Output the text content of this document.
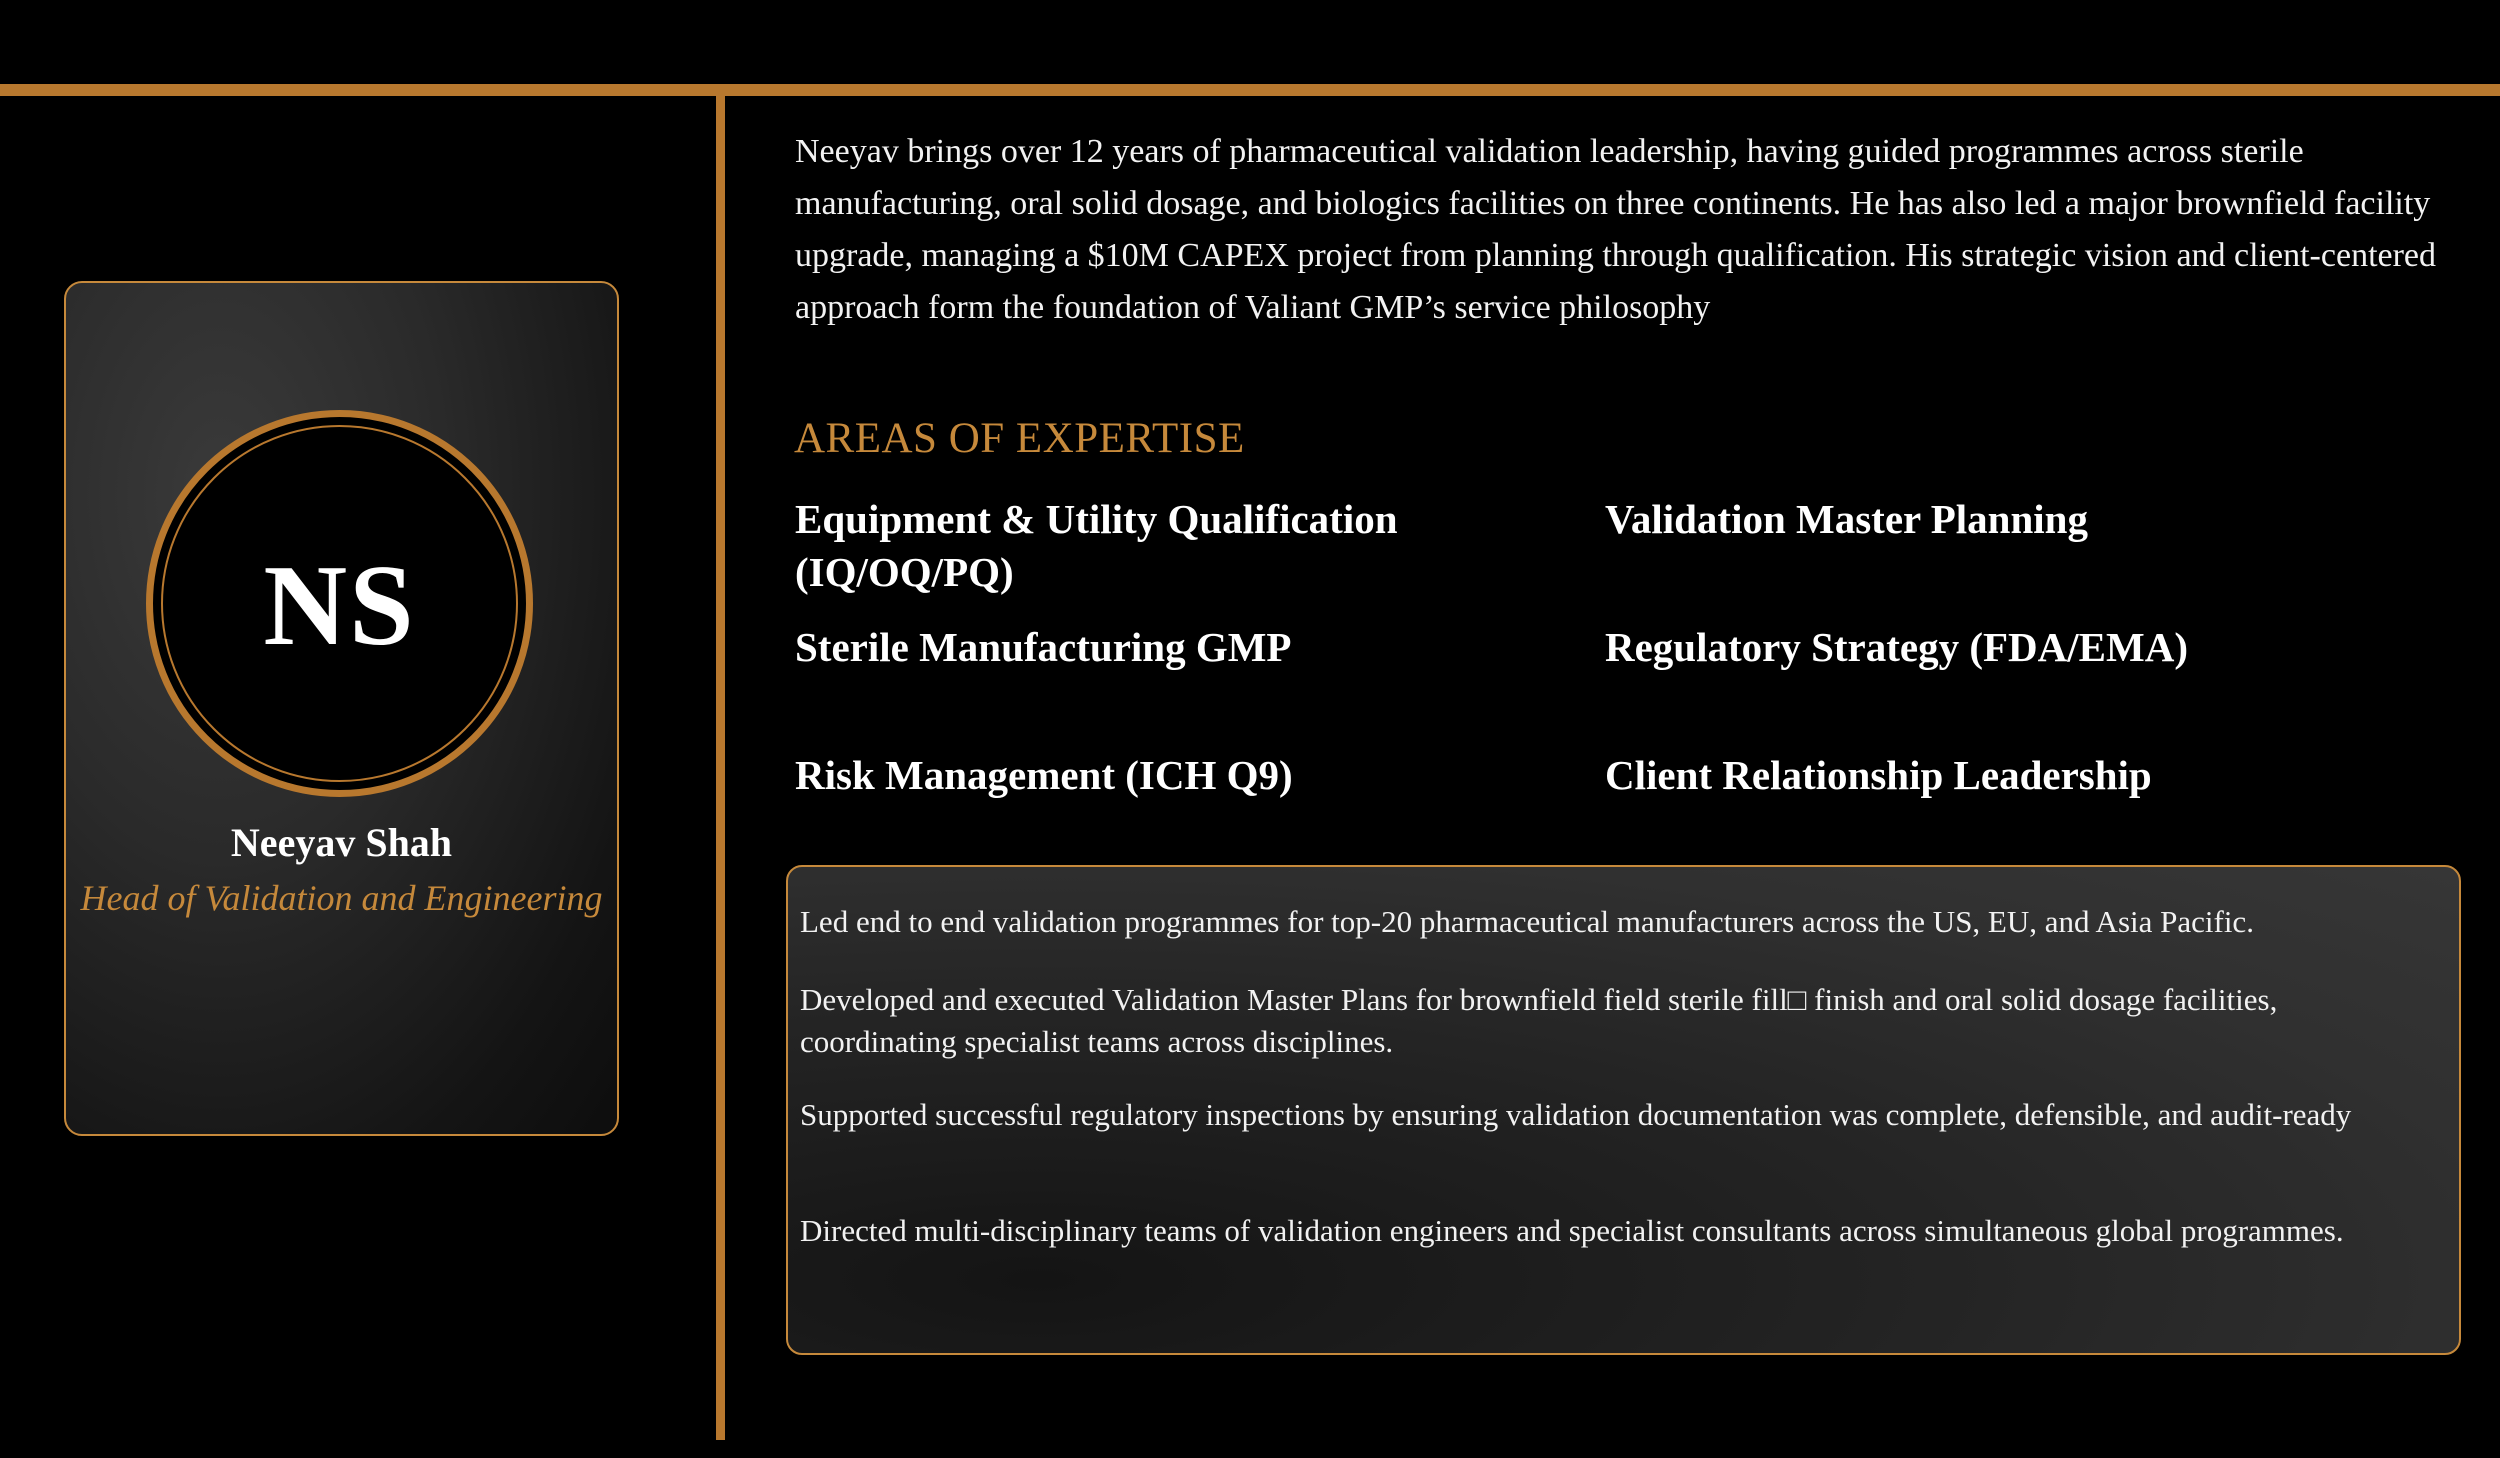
NS
Neeyav Shah
Head of Validation and Engineering

Neeyav brings over 12 years of pharmaceutical validation leadership, having guided programmes across sterile manufacturing, oral solid dosage, and biologics facilities on three continents. He has also led a major brownfield facility upgrade, managing a $10M CAPEX project from planning through qualification. His strategic vision and client-centered approach form the foundation of Valiant GMP’s service philosophy

AREAS OF EXPERTISE

Equipment & Utility Qualification (IQ/OQ/PQ)

Validation Master Planning

Sterile Manufacturing GMP	Regulatory Strategy (FDA/EMA)

Risk Management (ICH Q9)	Client Relationship Leadership

Led end to end validation programmes for top-20 pharmaceutical manufacturers across the US, EU, and Asia Pacific.

Developed and executed Validation Master Plans for brownfield field sterile fill□ finish and oral solid dosage facilities, coordinating specialist teams across disciplines.

Supported successful regulatory inspections by ensuring validation documentation was complete, defensible, and audit-ready

Directed multi-disciplinary teams of validation engineers and specialist consultants across simultaneous global programmes.
